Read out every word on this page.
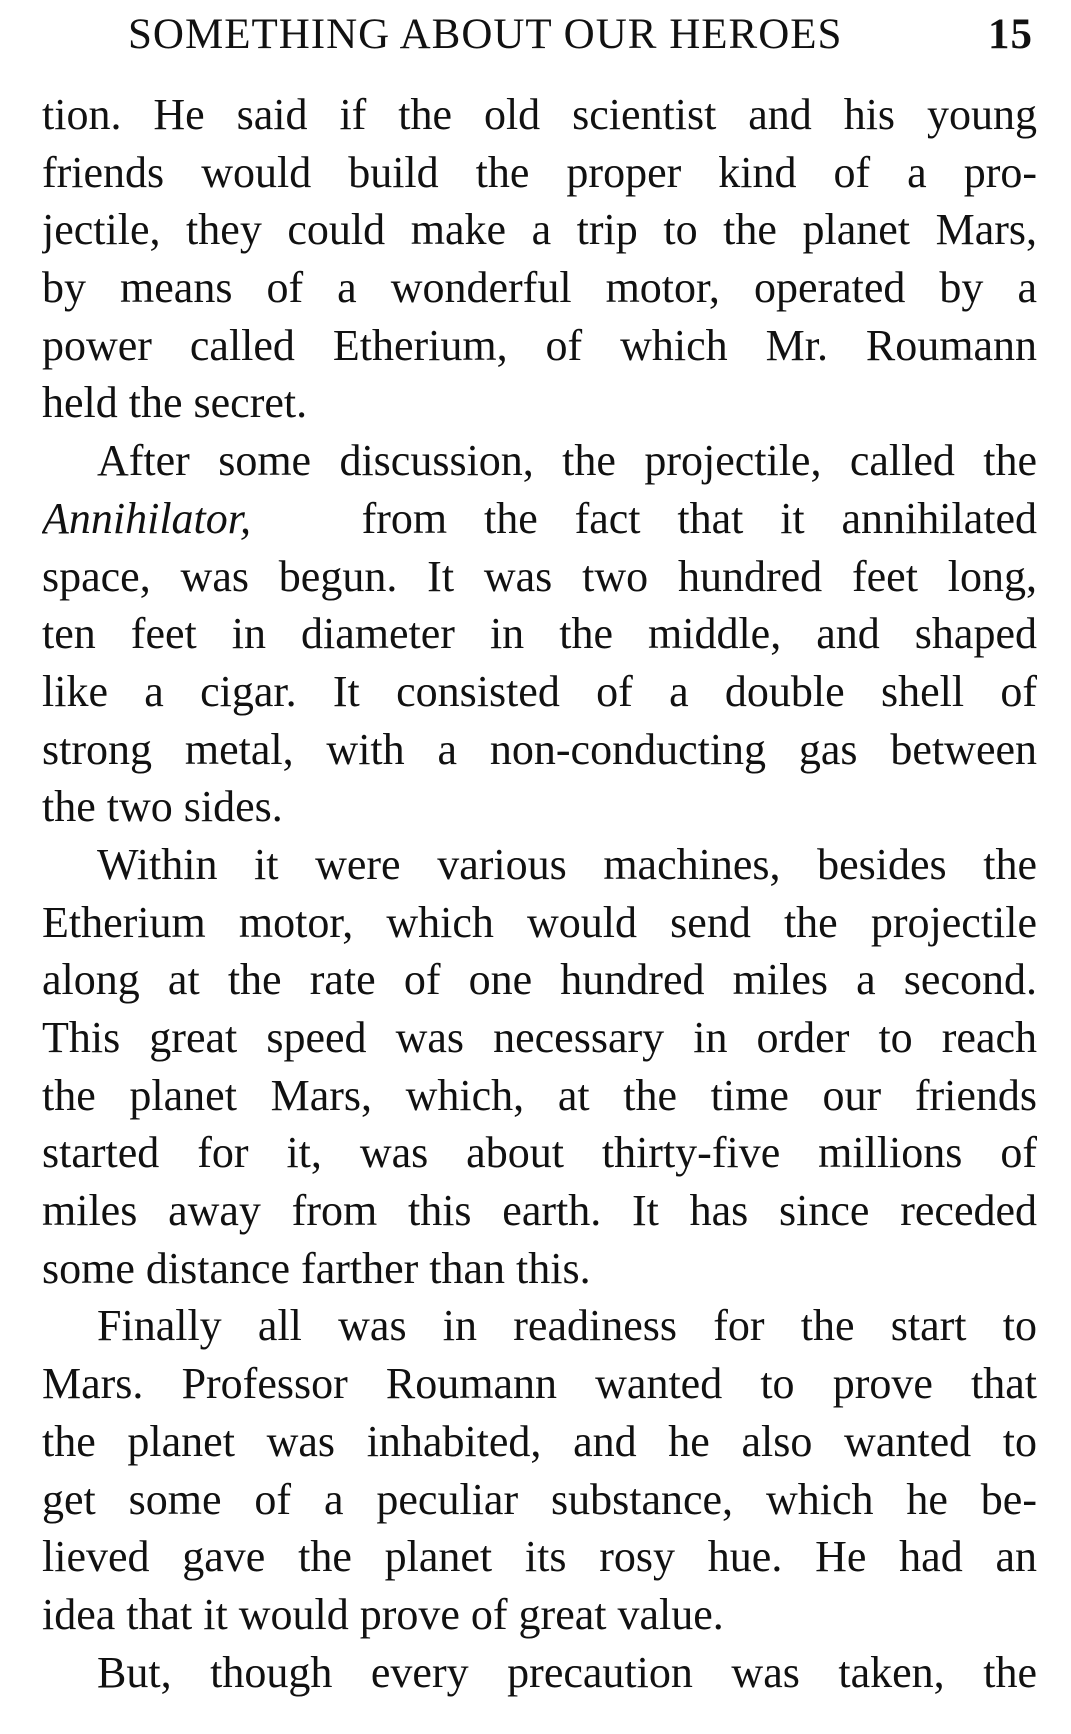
SOMETHING ABOUT OUR HEROES	15
tion. He said if the old scientist and his young
friends would build the proper kind of a pro-
jectile, they could make a trip to the planet Mars,
by means of a wonderful motor, operated by a
power called Etherium, of which Mr. Roumann
held the secret.
After some discussion, the projectile, called the
Annihilator,	from the fact that it annihilated
space, was begun. It was two hundred feet long,
ten feet in diameter in the middle, and shaped
like a cigar. It consisted of a double shell of
strong metal, with a non-conducting gas between
the two sides.
Within it were various machines, besides the
Etherium motor, which would send the projectile
along at the rate of one hundred miles a second.
This great speed was necessary in order to reach
the planet Mars, which, at the time our friends
started for it, was about thirty-five millions of
miles away from this earth. It has since receded
some distance farther than this.
Finally all was in readiness for the start to
Mars. Professor Roumann wanted to prove that
the planet was inhabited, and he also wanted to
get some of a peculiar substance, which he be-
lieved gave the planet its rosy hue. He had an
idea that it would prove of great value.
But, though every precaution was taken, the
